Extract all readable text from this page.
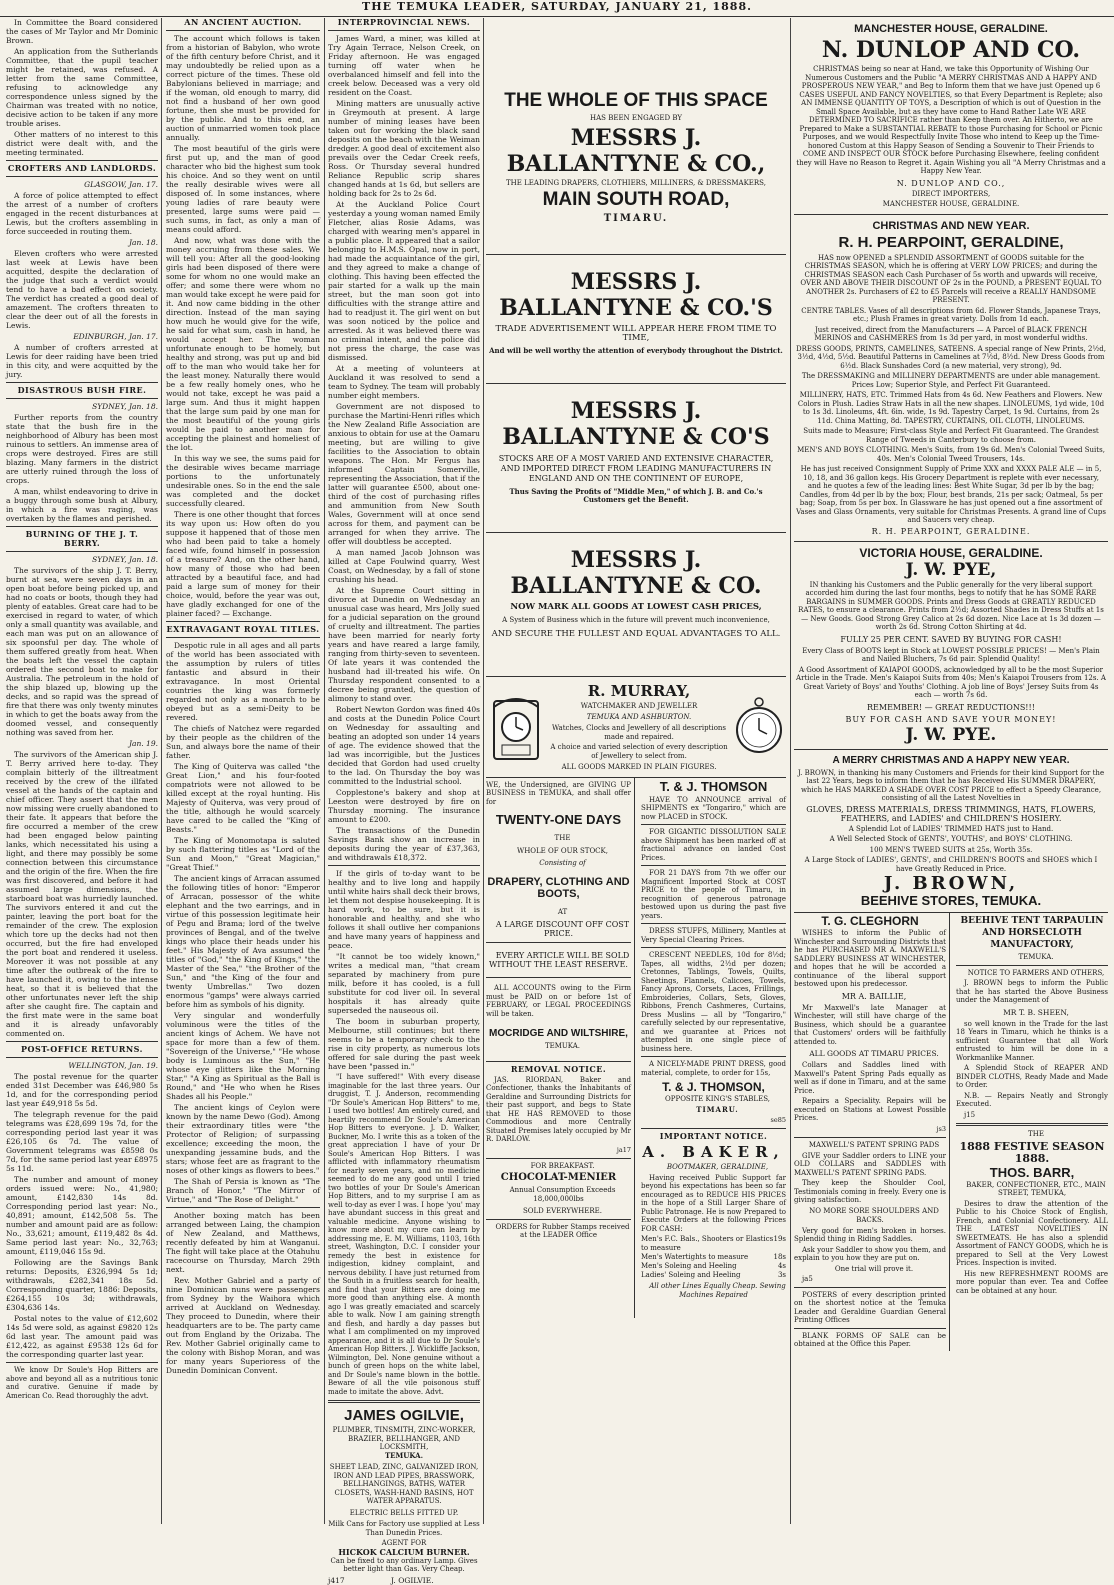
THE TEMUKA LEADER, SATURDAY, JANUARY 21, 1888.

In Committee the Board considered the cases of Mr Taylor and Mr Dominic Brown.

An application from the Sutherlands Committee, that the pupil teacher might be retained, was refused. A letter from the same Committee, refusing to acknowledge any correspondence unless signed by the Chairman was treated with no notice, decisive action to be taken if any more trouble arises.

Other matters of no interest to this district were dealt with, and the meeting terminated.

CROFTERS AND LANDLORDS.

GLASGOW, Jan. 17.

A force of police attempted to effect the arrest of a number of crofters engaged in the recent disturbances at Lewis, but the crofters assembling in force succeeded in routing them.

Jan. 18.

Eleven crofters who were arrested last week at Lewis have been acquitted, despite the declaration of the judge that such a verdict would tend to have a bad effect on society. The verdict has created a good deal of amazement. The crofters threaten to clear the deer out of all the forests in Lewis.

EDINBURGH, Jan. 17.

A number of crofters arrested at Lewis for deer raiding have been tried in this city, and were acquitted by the jury.

DISASTROUS BUSH FIRE.

SYDNEY, Jan. 18.

Further reports from the country state that the bush fire in the neighborhood of Albury has been most ruinous to settlers. An immense area of crops were destroyed. Fires are still blazing. Many farmers in the district are utterly ruined through the loss of crops.

A man, whilst endeavoring to drive in a buggy through some bush at Albury, in which a fire was raging, was overtaken by the flames and perished.

BURNING OF THE J. T. BERRY.

SYDNEY, Jan. 18.

The survivors of the ship J. T. Berry, burnt at sea, were seven days in an open boat before being picked up, and had no coats or boots, though they had plenty of eatables. Great care had to be exercised in regard to water, of which only a small quantity was available, and each man was put on an allowance of six spoonsful per day. The whole of them suffered greatly from heat. When the boats left the vessel the captain ordered the second boat to make for Australia. The petroleum in the hold of the ship blazed up, blowing up the decks, and so rapid was the spread of fire that there was only twenty minutes in which to get the boats away from the doomed vessel, and consequently nothing was saved from her.

Jan. 19.

The survivors of the American ship J. T. Berry arrived here to-day. They complain bitterly of the illtreatment received by the crew of the illfated vessel at the hands of the captain and chief officer. They assert that the men now missing were cruelly abandoned to their fate. It appears that before the fire occurred a member of the crew had been engaged below painting lanks, which necessitated his using a light, and there may possibly be some connection between this circumstance and the origin of the fire. When the fire was first discovered, and before it had assumed large dimensions, the starboard boat was hurriedly launched. The survivors entered it and cut the painter, leaving the port boat for the remainder of the crew. The explosion which tore up the decks had not then occurred, but the fire had enveloped the port boat and rendered it useless. Moreover it was not possible at any time after the outbreak of the fire to have launched it, owing to the intense heat, so that it is believed that the other unfortunates never left the ship after she caught fire. The captain and the first mate were in the same boat and it is already unfavorably commented on.

POST-OFFICE RETURNS.

WELLINGTON, Jan. 19.

The postal revenue for the quarter ended 31st December was £46,980 5s 1d, and for the corresponding period last year £49,918 5s 5d.

The telegraph revenue for the paid telegrams was £28,699 19s 7d, for the corresponding period last year it was £26,105 6s 7d. The value of Government telegrams was £8598 0s 7d, for the same period last year £8975 5s 11d.

The number and amount of money orders issued were: No., 41,980; amount, £142,830 14s 8d. Corresponding period last year: No., 40,891; amount, £142,508 5s. The number and amount paid are as follow: No., 33,621; amount, £119,482 8s 4d. Same period last year: No., 32,763; amount, £119,046 15s 9d.

Following are the Savings Bank returns: Deposits, £326,994 5s 1d; withdrawals, £282,341 18s 5d. Corresponding quarter, 1886: Deposits, £264,155 10s 3d; withdrawals, £304,636 14s.

Postal notes to the value of £12,602 14s 5d were sold, as against £9820 12s 6d last year. The amount paid was £12,422, as against £9538 12s 6d for the corresponding quarter last year.

We know Dr Soule's Hop Bitters are above and beyond all as a nutritious tonic and curative. Genuine if made by American Co. Read thoroughly the advt.

AN ANCIENT AUCTION.

The account which follows is taken from a historian of Babylon, who wrote of the fifth century before Christ, and it may undoubtedly be relied upon as a correct picture of the times. These old Babylonians believed in marriage; and if the woman, old enough to marry, did not find a husband of her own good fortune, then she must be provided for by the public. And to this end, an auction of unmarried women took place annually.

The most beautiful of the girls were first put up, and the man of good character who bid the highest sum took his choice. And so they went on until the really desirable wives were all disposed of. In some instances, where young ladies of rare beauty were presented, large sums were paid — such sums, in fact, as only a man of means could afford.

And now, what was done with the money accruing from these sales. We will tell you: After all the good-looking girls had been disposed of there were some for whom no one would make an offer; and some there were whom no man would take except he were paid for it. And now came bidding in the other direction. Instead of the man saying how much he would give for the wife, he said for what sum, cash in hand, he would accept her. The woman unfortunate enough to be homely, but healthy and strong, was put up and bid off to the man who would take her for the least money. Naturally there would be a few really homely ones, who he would not take, except he was paid a large sum. And thus it might happen that the large sum paid by one man for the most beautiful of the young girls would be paid to another man for accepting the plainest and homeliest of the lot.

In this way we see, the sums paid for the desirable wives became marriage portions to the unfortunately undesirable ones. So in the end the sale was completed and the docket successfully cleared.

There is one other thought that forces its way upon us: How often do you suppose it happened that of those men who had been paid to take a homely faced wife, found himself in possession of a treasure? And, on the other hand, how many of those who had been attracted by a beautiful face, and had paid a large sum of money for their choice, would, before the year was out, have gladly exchanged for one of the plainer faced? — Exchange.

EXTRAVAGANT ROYAL TITLES.

Despotic rule in all ages and all parts of the world has been associated with the assumption by rulers of titles fantastic and absurd in their extravagance. In most Oriental countries the king was formerly regarded not only as a monarch to be obeyed but as a semi-Deity to be revered.

The chiefs of Natchez were regarded by their people as the children of the Sun, and always bore the name of their father.

The King of Quiterva was called "the Great Lion," and his four-footed compatriots were not allowed to be killed except at the royal hunting. His Majesty of Quiterva, was very proud of the title, although he would scarcely have cared to be called the "King of Beasts."

The King of Monomotapa is saluted by such flattering titles as "Lord of the Sun and Moon," "Great Magician," "Great Thief."

The ancient kings of Arracan assumed the following titles of honor: "Emperor of Arracan, possessor of the white elephant and the two earrings, and in virtue of this possession legitimate heir of Pegu and Brama; lord of the twelve provinces of Bengal, and of the twelve kings who place their heads under his feet." His Majesty of Ava assumed the titles of "God," "the King of Kings," "the Master of the Sea," "the Brother of the Sun," and "the King of the four and twenty Umbrellas." Two dozen enormous "gamps" were always carried before him as symbols of his dignity.

Very singular and wonderfully voluminous were the titles of the ancient kings of Achem. We have not space for more than a few of them. "Sovereign of the Universe," "He whose body is Luminous as the Sun," "He whose eye glitters like the Morning Star," "A King as Spiritual as the Ball is Round," and "He who when he Rises Shades all his People."

The ancient kings of Ceylon were known by the name Dewo (God). Among their extraordinary titles were "the Protector of Religion; of surpassing excellence; exceeding the moon, the unexpanding jessamine buds, and the stars; whose feet are as fragrant to the noses of other kings as flowers to bees."

The Shah of Persia is known as "The Branch of Honor," "The Mirror of Virtue," and "The Rose of Delight."

Another boxing match has been arranged between Laing, the champion of New Zealand, and Matthews, recently defeated by him at Wanganui. The fight will take place at the Otahuhu racecourse on Thursday, March 29th next.

Rev. Mother Gabriel and a party of nine Dominican nuns were passengers from Sydney by the Waihora which arrived at Auckland on Wednesday. They proceed to Dunedin, where their headquarters are to be. The party came out from England by the Orizaba. The Rev. Mother Gabriel originally came to the colony with Bishop Moran, and was for many years Superioress of the Dunedin Dominican Convent.

INTERPROVINCIAL NEWS.

James Ward, a miner, was killed at Try Again Terrace, Nelson Creek, on Friday afternoon. He was engaged turning off water when he overbalanced himself and fell into the creek below. Deceased was a very old resident on the Coast.

Mining matters are unusually active in Greymouth at present. A large number of mining leases have been taken out for working the black sand deposits on the beach with the Weiman dredger. A good deal of excitement also prevails over the Cedar Creek reefs, Ross. Or Thursday several hundred Reliance Republic scrip shares changed hands at 1s 6d, but sellers are holding back for 2s to 2s 6d.

At the Auckland Police Court yesterday a young woman named Emily Fletcher, alias Rosie Adams, was charged with wearing men's apparel in a public place. It appeared that a sailor belonging to H.M.S. Opal, now in port, had made the acquaintance of the girl, and they agreed to make a change of clothing. This having been effected the pair started for a walk up the main street, but the man soon got into difficulties with the strange attire and had to readjust it. The girl went on but was soon noticed by the police and arrested. As it was believed there was no criminal intent, and the police did not press the charge, the case was dismissed.

At a meeting of volunteers at Auckland it was resolved to send a team to Sydney. The team will probably number eight members.

Government are not disposed to purchase the Martini-Henri rifles which the New Zealand Rifle Association are anxious to obtain for use at the Oamaru meeting, but are willing to give facilities to the Association to obtain weapons. The Hon. Mr Fergus has informed Captain Somerville, representing the Association, that if the latter will guarantee £500, about one-third of the cost of purchasing rifles and ammunition from New South Wales, Government will at once send across for them, and payment can be arranged for when they arrive. The offer will doubtless be accepted.

A man named Jacob Johnson was killed at Cape Foulwind quarry, West Coast, on Wednesday, by a fall of stone crushing his head.

At the Supreme Court sitting in divorce at Dunedin on Wednesday an unusual case was heard, Mrs Jolly sued for a judicial separation on the ground of cruelty and illtreatment. The parties have been married for nearly forty years and have reared a large family, ranging from thirty-seven to seventeen. Of late years it was contended the husband had ill-treated his wife. On Thursday respondent consented to a decree being granted, the question of alimony to stand over.

Robert Newton Gordon was fined 40s and costs at the Dunedin Police Court on Wednesday for assaulting and beating an adopted son under 14 years of age. The evidence showed that the lad was incorrigible, but the Justices decided that Gordon had used cruelty to the lad. On Thursday the boy was committed to the Industrial school.

Copplestone's bakery and shop at Leeston were destroyed by fire on Thursday morning. The insurance amount to £200.

The transactions of the Dunedin Savings Bank show an increase in deposits during the year of £37,363, and withdrawals £18,372.

If the girls of to-day want to be healthy and to live long and happily until white hairs shall deck their brows, let them not despise housekeeping. It is hard work, to be sure, but it is honorable and healthy, and she who follows it shall outlive her companions and have many years of happiness and peace.

"It cannot be too widely known," writes a medical man, "that cream separated by machinery from pure milk, before it has cooled, is a full substitute for cod liver oil. In several hospitals it has already quite superseded the nauseous oil.

The boom in suburban property, Melbourne, still continues; but there seems to be a temporary check to the rise in city property, as numerous lots offered for sale during the past week have been "passed in."

"I have suffered!" With every disease imaginable for the last three years. Our druggist, T. J. Anderson, recommending "Dr Soule's American Hop Bitters" to me, I used two bottles! Am entirely cured, and heartily recommend Dr Soule's American Hop Bitters to everyone. J. D. Walker, Buckner, Mo. I write this as a token of the great appreciation I have of your Dr Soule's American Hop Bitters. I was afflicted with inflammatory rheumatism for nearly seven years, and no medicine seemed to do me any good until I tried two bottles of your Dr Soule's American Hop Bitters, and to my surprise I am as well to-day as ever I was. I hope 'you' may have abundant success in this great and valuable medicine. Anyone wishing to know more about my cure can learn by addressing me, E. M. Williams, 1103, 16th street, Washington, D.C. I consider your remedy the best in existence for indigestion, kidney complaint, and nervous debility. I have just returned from the South in a fruitless search for health, and find that your Bitters are doing me more good than anything else. A month ago I was greatly emaciated and scarcely able to walk. Now I am gaining strength and flesh, and hardly a day passes but what I am complimented on my improved appearance, and it is all due to Dr Soule's American Hop Bitters. J. Wickliffe Jackson, Wilmington, Del. None genuine without a bunch of green hops on the white label, and Dr Soule's name blown in the bottle. Beware of all the vile poisonous stuff made to imitate the above. Advt.

JAMES OGILVIE,
PLUMBER, TINSMITH, ZINC-WORKER, BRAZIER, BELLHANGER, AND LOCKSMITH,
TEMUKA.
SHEET LEAD, ZINC, GALVANIZED IRON, IRON AND LEAD PIPES, BRASSWORK, BELLHANGINGS, BATHS, WATER CLOSETS, WASH-HAND BASINS, HOT WATER APPARATUS.
ELECTRIC BELLS FITTED UP.
Milk Cans for Factory use supplied at Less Than Dunedin Prices.
AGENT FOR
HICKOK CALCIUM BURNER.
Can be fixed to any ordinary Lamp. Gives better light than Gas. Very Cheap.
j417	J. OGILVIE.
THE WHOLE OF THIS SPACE

HAS BEEN ENGAGED BY

MESSRS J. BALLANTYNE & CO.,

THE LEADING DRAPERS, CLOTHIERS, MILLINERS, & DRESSMAKERS,

MAIN SOUTH ROAD,
TIMARU.
MESSRS J. BALLANTYNE & CO.'S

TRADE ADVERTISEMENT WILL APPEAR HERE FROM TIME TO TIME,

And will be well worthy the attention of everybody throughout the District.

MESSRS J. BALLANTYNE & CO'S

STOCKS ARE OF A MOST VARIED AND EXTENSIVE CHARACTER, AND IMPORTED DIRECT FROM LEADING MANUFACTURERS IN ENGLAND AND ON THE CONTINENT OF EUROPE,

Thus Saving the Profits of "Middle Men," of which J. B. and Co.'s Customers get the Benefit.

MESSRS J. BALLANTYNE & CO.

NOW MARK ALL GOODS AT LOWEST CASH PRICES,

A System of Business which in the future will prevent much inconvenience,

AND SECURE THE FULLEST AND EQUAL ADVANTAGES TO ALL.

R. MURRAY,

WATCHMAKER AND JEWELLER

TEMUKA AND ASHBURTON.

Watches, Clocks and Jewellery of all descriptions made and repaired.

A choice and varied selection of every description of Jewellery to select from.

ALL GOODS MARKED IN PLAIN FIGURES.

WE, the Undersigned, are GIVING UP BUSINESS in TEMUKA, and shall offer for

TWENTY-ONE DAYS

THE

WHOLE OF OUR STOCK,

Consisting of

DRAPERY, CLOTHING AND BOOTS,

AT

A LARGE DISCOUNT OFF COST PRICE.

EVERY ARTICLE WILL BE SOLD WITHOUT THE LEAST RESERVE.

ALL ACCOUNTS owing to the Firm must be PAID on or before 1st of FEBRUARY, or LEGAL PROCEEDINGS will be taken.

MOCRIDGE AND WILTSHIRE,

TEMUKA.

REMOVAL NOTICE.

JAS. RIORDAN, Baker and Confectioner, thanks the Inhabitants of Geraldine and Surrounding Districts for their past support, and begs to State that HE HAS REMOVED to those Commodious and more Centrally Situated Premises lately occupied by Mr R. DARLOW.

ja17

FOR BREAKFAST.

CHOCOLAT-MENIER

Annual Consumption Exceeds 18,000,000lbs

SOLD EVERYWHERE.

ORDERS for Rubber Stamps received at the LEADER Office

T. & J. THOMSON

HAVE TO ANNOUNCE arrival of SHIPMENTS ex "Tongariro," which are now PLACED in STOCK.

FOR GIGANTIC DISSOLUTION SALE above Shipment has been marked off at fractional advance on landed Cost Prices.

FOR 21 DAYS from 7th we offer our Magnificent Imported Stock at COST PRICE to the people of Timaru, in recognition of generous patronage bestowed upon us during the past five years.

DRESS STUFFS, Millinery, Mantles at Very Special Clearing Prices.

CRESCENT NEEDLES, 10d for 8½d; Tapes, all widths, 2½d per dozen; Cretonnes, Tablings, Towels, Quilts, Sheetings, Flannels, Calicoes, Towels, Fancy Aprons, Corsets, Laces, Frillings, Embroideries, Collars, Sets, Gloves, Ribbons, French Cashmeres, Curtains, Dress Muslins — all by "Tongariro," carefully selected by our representative, and we guarantee at Prices not attempted in one single piece of business here.

A NICELY-MADE PRINT DRESS, good material, complete, to order for 15s,

T. & J. THOMSON,

OPPOSITE KING'S STABLES,

TIMARU.

se85

IMPORTANT NOTICE.

A. BAKER,

BOOTMAKER, GERALDINE,

Having received Public Support far beyond his expectations has been so far encouraged as to REDUCE HIS PRICES in the hope of a Still Larger Share of Public Patronage. He is now Prepared to Execute Orders at the following Prices FOR CASH:

Men's F.C. Bals., Shooters or Elastics to measure
19s
Men's Watertights to measure	18s
Men's Soleing and Heeling	4s
Ladies' Soleing and Heeling	3s

All other Lines Equally Cheap. Sewing Machines Repaired

MANCHESTER HOUSE, GERALDINE.
N. DUNLOP AND CO.

CHRISTMAS being so near at Hand, we take this Opportunity of Wishing Our Numerous Customers and the Public "A MERRY CHRISTMAS AND A HAPPY AND PROSPEROUS NEW YEAR," and Beg to Inform them that we have just Opened up 6 CASES USEFUL AND FANCY NOVELTIES, so that Every Department is Replete; also AN IMMENSE QUANTITY OF TOYS, a Description of which is out of Question in the Small Space Available, but as they have come to Hand Rather Late WE ARE DETERMINED TO SACRIFICE rather than Keep them over. An Hitherto, we are Prepared to Make a SUBSTANTIAL REBATE to those Purchasing for School or Picnic Purposes, and we would Respectfully Invite Those who intend to Keep up the Time-honored Custom at this Happy Season of Sending a Souvenir to Their Friends to COME AND INSPECT OUR STOCK before Purchasing Elsewhere, feeling confident they will Have no Reason to Regret it. Again Wishing you all "A Merry Christmas and a Happy New Year.

N. DUNLOP AND CO.,

DIRECT IMPORTERS,

MANCHESTER HOUSE, GERALDINE.

CHRISTMAS AND NEW YEAR.
R. H. PEARPOINT, GERALDINE,

HAS now OPENED a SPLENDID ASSORTMENT of GOODS suitable for the CHRISTMAS SEASON, which he is offering at VERY LOW PRICES; and during the CHRISTMAS SEASON each Cash Purchaser of 5s worth and upwards will receive, OVER AND ABOVE THEIR DISCOUNT OF 2s in the POUND, a PRESENT EQUAL TO ANOTHER 2s. Purchasers of £2 to £5 Parcels will receive a REALLY HANDSOME PRESENT.

CENTRE TABLES. Vases of all descriptions from 6d. Flower Stands, Japanese Trays, etc.; Plush Frames in great variety. Dolls from 1d each.

Just received, direct from the Manufacturers — A Parcel of BLACK FRENCH MERINOS and CASHMERES from 1s 3d per yard, in most wonderful widths.

DRESS GOODS, PRINTS, CAMELINES, SATEENS. A special range of New Prints, 2½d, 3½d, 4½d, 5½d. Beautiful Patterns in Camelines at 7½d, 8½d. New Dress Goods from 6½d. Black Sunshades Cord (a new material, very strong), 9d.

The DRESSMAKING and MILLINERY DEPARTMENTS are under able management. Prices Low; Superior Style, and Perfect Fit Guaranteed.

MILLINERY, HATS, ETC. Trimmed Hats from 4s 6d. New Feathers and Flowers. New Colors in Plush. Ladies Straw Hats in all the new shapes. LINOLEUMS, 1yd wide, 10d to 1s 3d. Linoleums, 4ft. 6in. wide, 1s 9d. Tapestry Carpet, 1s 9d. Curtains, from 2s 11d. China Matting, 8d. TAPESTRY, CURTAINS, OIL CLOTH, LINOLEUMS.

Suits made to Measure; First-class Style and Perfect Fit Guaranteed. The Grandest Range of Tweeds in Canterbury to choose from.

MEN'S AND BOYS CLOTHING. Men's Suits, from 19s 6d. Men's Colonial Tweed Suits, 40s. Men's Colonial Tweed Trousers, 14s.

He has just received Consignment Supply of Prime XXX and XXXX PALE ALE — in 5, 10, 18, and 36 gallon kegs. His Grocery Department is replete with ever necessary, and he quotes a few of the leading lines: Best White Sugar, 3d per lb by the bag; Candles, from 4d per lb by the box; Flour, best brands, 21s per sack; Oatmeal, 5s per bag; Soap, from 5s per box. In Glassware he has just opened out a fine assortment of Vases and Glass Ornaments, very suitable for Christmas Presents. A grand line of Cups and Saucers very cheap.

R. H. PEARPOINT, GERALDINE.

VICTORIA HOUSE, GERALDINE.
J. W. PYE,

IN thanking his Customers and the Public generally for the very liberal support accorded him during the last four months, begs to notify that he has SOME RARE BARGAINS in SUMMER GOODS. Prints and Dress Goods at GREATLY REDUCED RATES, to ensure a clearance. Prints from 2½d; Assorted Shades in Dress Stuffs at 1s — New Goods. Good Strong Grey Calico at 2s 6d dozen. Nice Lace at 1s 3d dozen — worth 2s 6d. Strong Cotton Shirting at 4d.

FULLY 25 PER CENT. SAVED BY BUYING FOR CASH!

Every Class of BOOTS kept in Stock at LOWEST POSSIBLE PRICES! — Men's Plain and Nailed Bluchers, 7s 6d pair. Splendid Quality!

A Good Assortment of KAIAPOI GOODS, acknowledged by all to be the most Superior Article in the Trade. Men's Kaiapoi Suits from 40s; Men's Kaiapoi Trousers from 12s. A Great Variety of Boys' and Youths' Clothing. A job line of Boys' Jersey Suits from 4s each — worth 7s 6d.

REMEMBER! — GREAT REDUCTIONS!!!

BUY FOR CASH AND SAVE YOUR MONEY!

J. W. PYE.
A MERRY CHRISTMAS AND A HAPPY NEW YEAR.

J. BROWN, in thanking his many Customers and Friends for their kind Support for the last 22 Years, begs to inform them that he has Received His SUMMER DRAPERY, which he HAS MARKED A SHADE OVER COST PRICE to effect a Speedy Clearance, consisting of all the Latest Novelties in

GLOVES, DRESS MATERIALS, DRESS TRIMMINGS, HATS, FLOWERS, FEATHERS, and LADIES' and CHILDREN'S HOSIERY.

A Splendid Lot of LADIES' TRIMMED HATS just to Hand.

A Well Selected Stock of GENTS', YOUTHS', and BOYS' CLOTHING.

100 MEN'S TWEED SUITS at 25s, Worth 35s.

A Large Stock of LADIES', GENTS', and CHILDREN'S BOOTS and SHOES which I have Greatly Reduced in Price.

J. BROWN,
BEEHIVE STORES, TEMUKA.
T. G. CLEGHORN

WISHES to inform the Public of Winchester and Surrounding Districts that he has PURCHASED MR A. MAXWELL'S SADDLERY BUSINESS AT WINCHESTER, and hopes that he will be accorded a continuance of the liberal support bestowed upon his predecessor.

MR A. BAILLIE,

Mr Maxwell's late Manager at Winchester, will still have charge of the Business, which should be a guarantee that Customers' orders will be faithfully attended to.

ALL GOODS AT TIMARU PRICES.

Collars and Saddles lined with Maxwell's Patent Spring Pads equally as well as if done in Timaru, and at the same Price.

Repairs a Speciality. Repairs will be executed on Stations at Lowest Possible Prices.

js3

MAXWELL'S PATENT SPRING PADS

GIVE your Saddler orders to LINE your OLD COLLARS and SADDLES with MAXWELL'S PATENT SPRING PADS.

They keep the Shoulder Cool, Testimonials coming in freely. Every one is giving satisfaction.

NO MORE SORE SHOULDERS AND BACKS.

Very good for men's broken in horses. Splendid thing in Riding Saddles.

Ask your Saddler to show you them, and explain to you how they are put on.

One trial will prove it.

ja5

POSTERS of every description printed on the shortest notice at the Temuka Leader and Geraldine Guardian General Printing Offices

BLANK FORMS OF SALE can be obtained at the Office this Paper.

BEEHIVE TENT TARPAULIN AND HORSECLOTH MANUFACTORY,

TEMUKA.

NOTICE TO FARMERS AND OTHERS,

J. BROWN begs to inform the Public that he has started the Above Business under the Management of

MR T. B. SHEEN,

so well known in the Trade for the last 18 Years in Timaru, which he thinks is a sufficient Guarantee that all Work entrusted to him will be done in a Workmanlike Manner.

A Splendid Stock of REAPER AND BINDER CLOTHS, Ready Made and Made to Order.

N.B. — Repairs Neatly and Strongly Executed.

j15

THE

1888 FESTIVE SEASON 1888.
THOS. BARR,

BAKER, CONFECTIONER, ETC., MAIN STREET, TEMUKA,

Desires to draw the attention of the Public to his Choice Stock of English, French, and Colonial Confectionery. ALL THE LATEST NOVELTIES IN SWEETMEATS. He has also a splendid Assortment of FANCY GOODS, which he is prepared to Sell at the Very Lowest Prices. Inspection is invited.

His new REFRESHMENT ROOMS are more popular than ever. Tea and Coffee can be obtained at any hour.
